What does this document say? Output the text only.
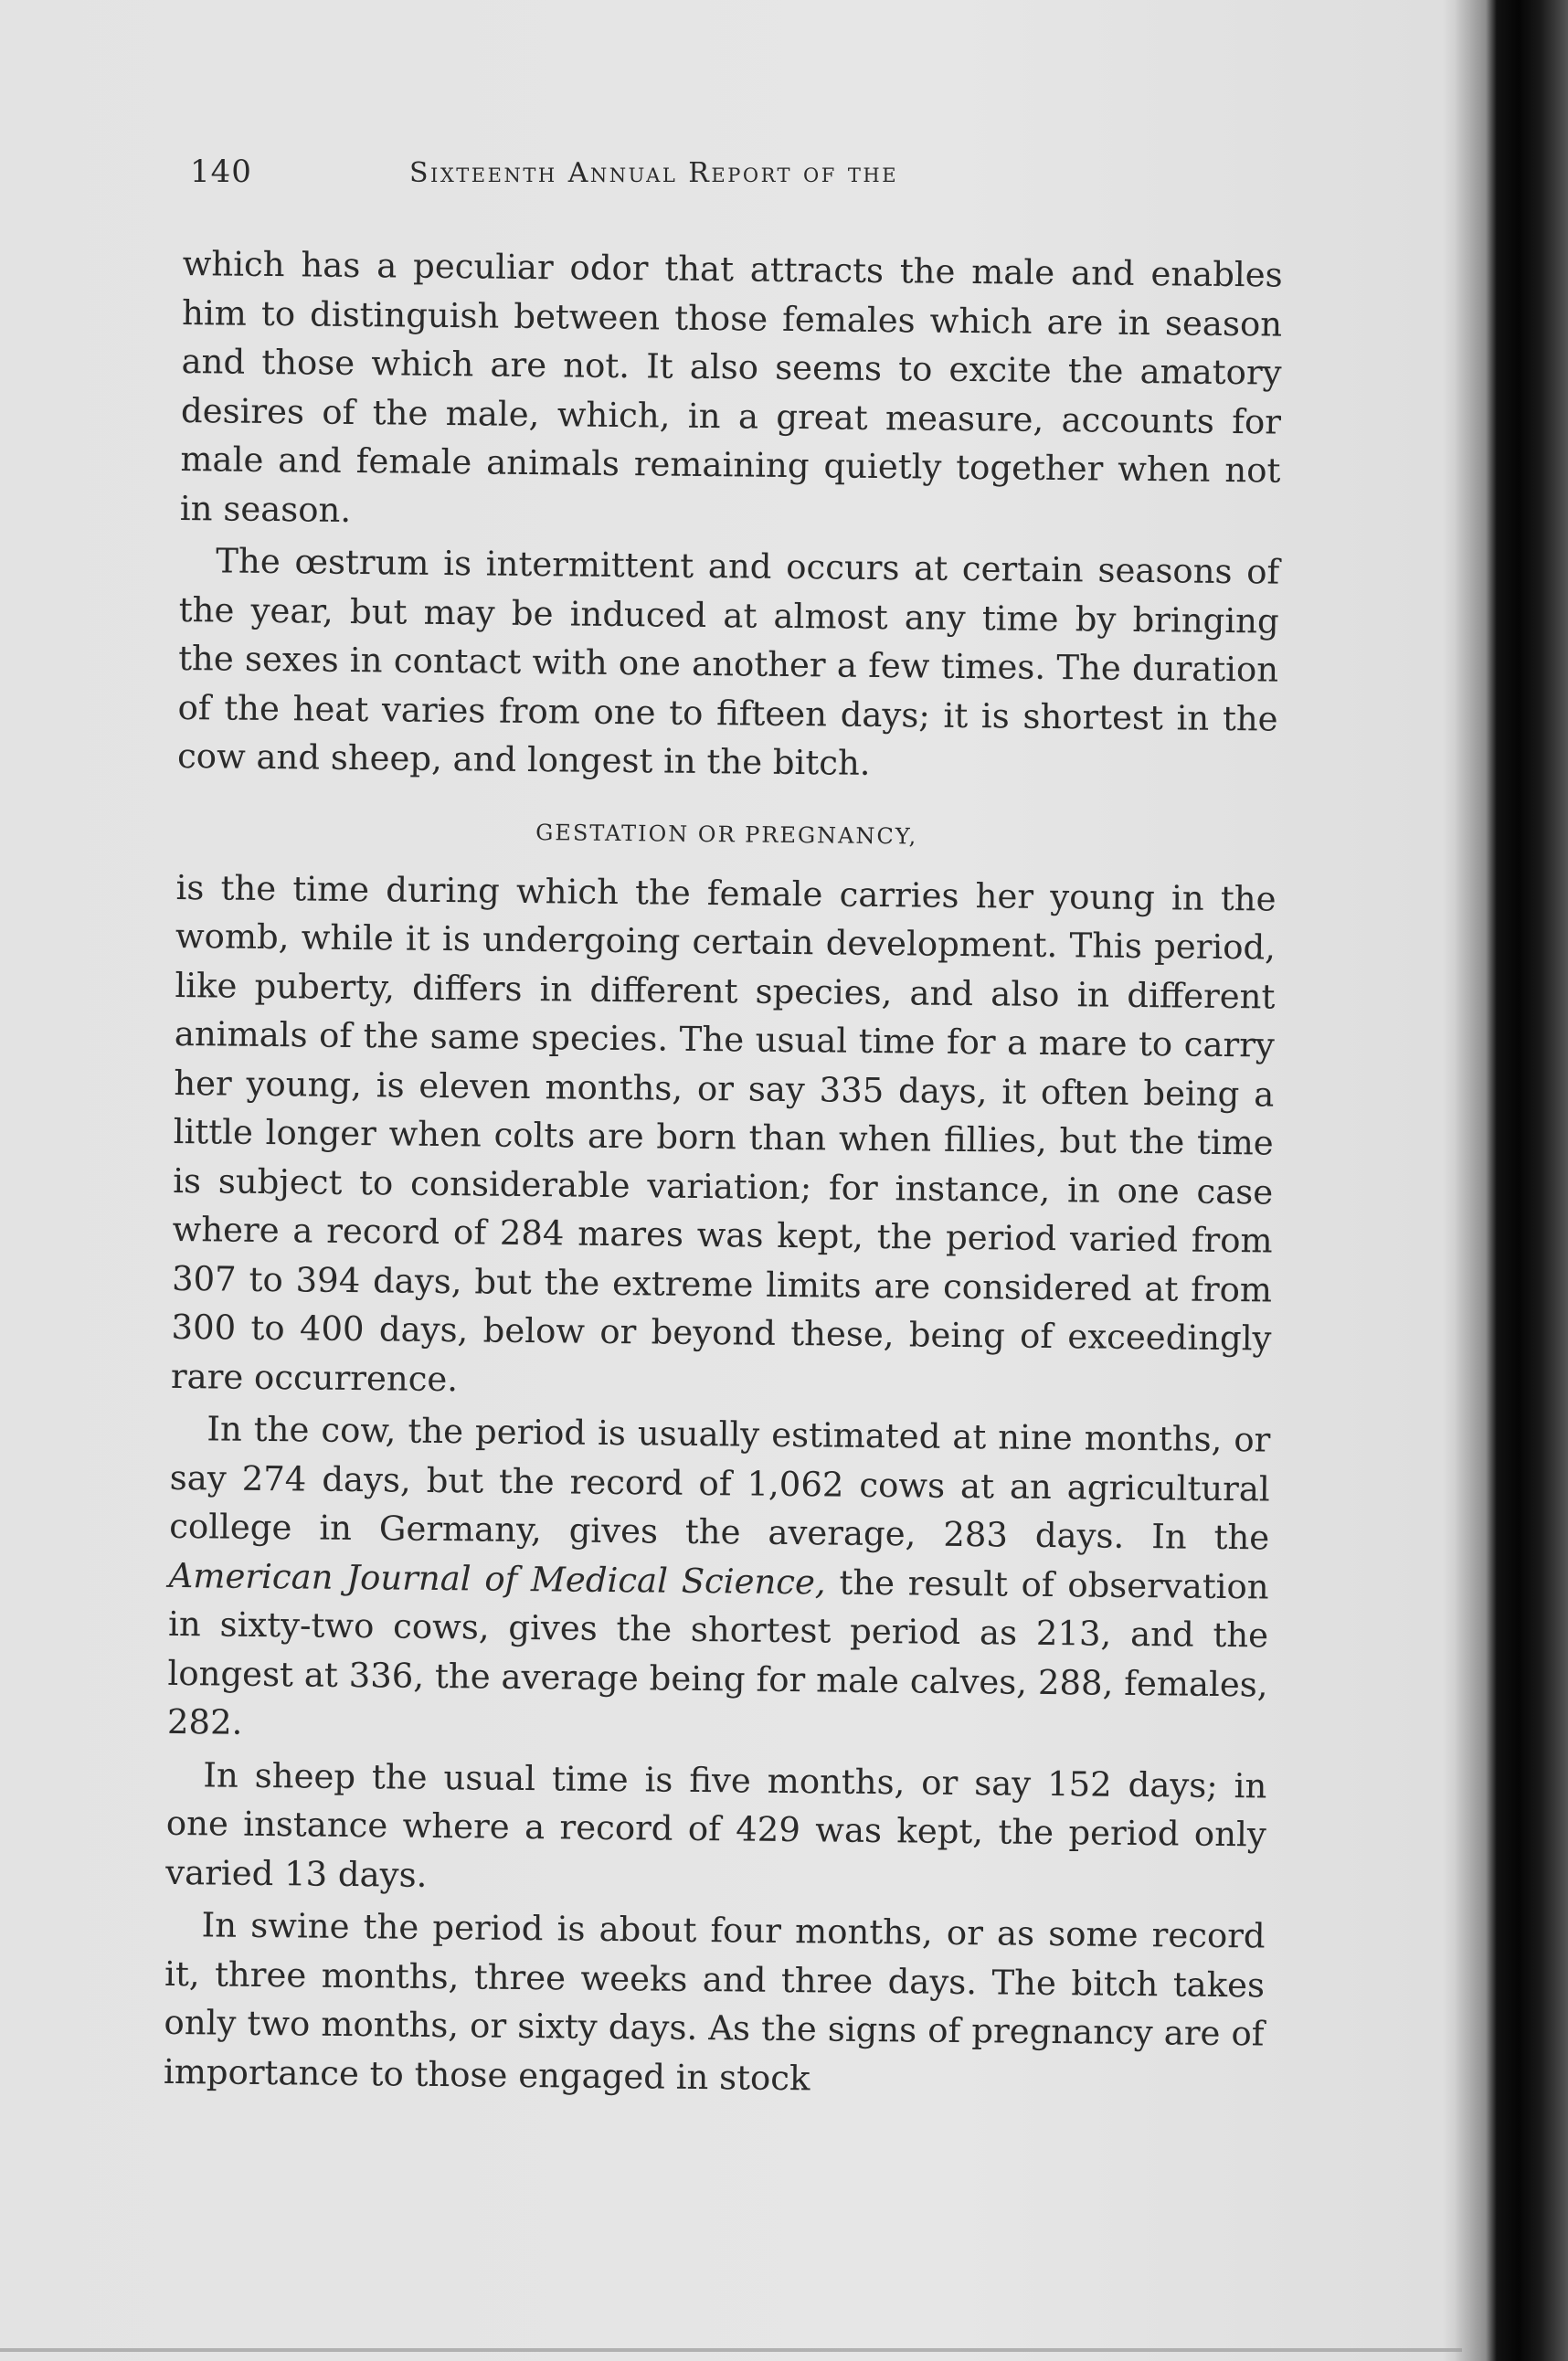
140	Sixteenth Annual Report of the

which has a peculiar odor that attracts the male and enables him to distinguish between those females which are in season and those which are not. It also seems to excite the amatory desires of the male, which, in a great measure, accounts for male and female animals remaining quietly together when not in season.

The œstrum is intermittent and occurs at certain seasons of the year, but may be induced at almost any time by bringing the sexes in contact with one another a few times. The duration of the heat varies from one to fifteen days; it is shortest in the cow and sheep, and longest in the bitch.

GESTATION OR PREGNANCY,

is the time during which the female carries her young in the womb, while it is undergoing certain development. This period, like puberty, differs in different species, and also in different animals of the same species. The usual time for a mare to carry her young, is eleven months, or say 335 days, it often being a little longer when colts are born than when fillies, but the time is subject to considerable variation; for instance, in one case where a record of 284 mares was kept, the period varied from 307 to 394 days, but the extreme limits are considered at from 300 to 400 days, below or beyond these, being of exceedingly rare occurrence.

In the cow, the period is usually estimated at nine months, or say 274 days, but the record of 1,062 cows at an agricultural college in Germany, gives the average, 283 days. In the American Journal of Medical Science, the result of observation in sixty-two cows, gives the shortest period as 213, and the longest at 336, the average being for male calves, 288, females, 282.

In sheep the usual time is five months, or say 152 days; in one instance where a record of 429 was kept, the period only varied 13 days.

In swine the period is about four months, or as some record it, three months, three weeks and three days. The bitch takes only two months, or sixty days. As the signs of pregnancy are of importance to those engaged in stock
